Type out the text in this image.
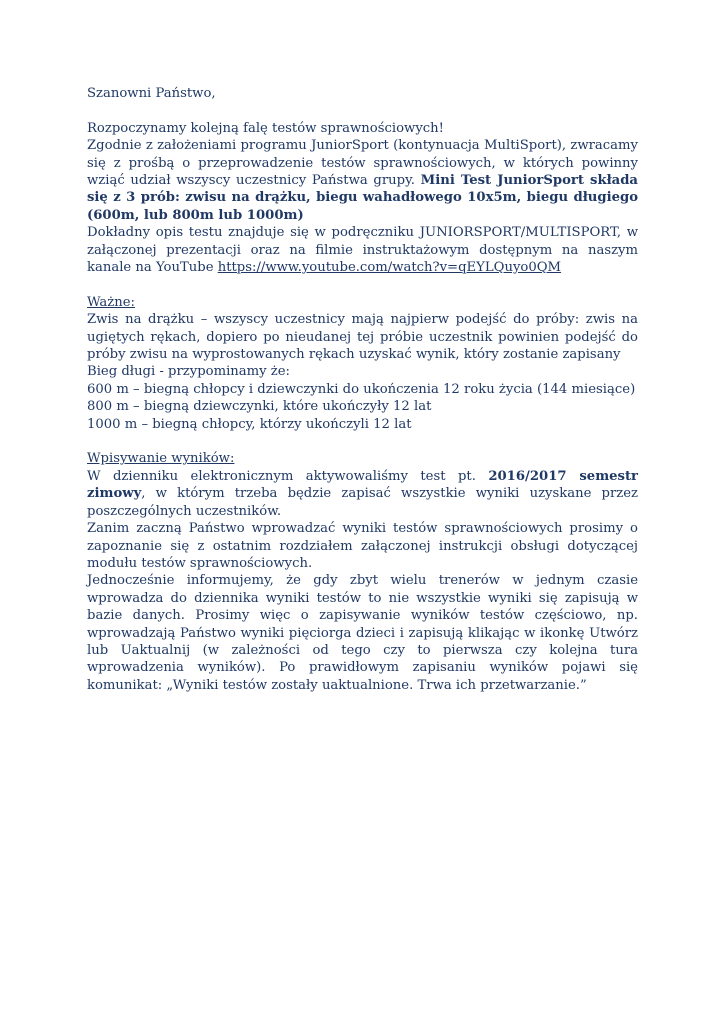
Szanowni Państwo,

Rozpoczynamy kolejną falę testów sprawnościowych!

Zgodnie z założeniami programu JuniorSport (kontynuacja MultiSport), zwracamy się z prośbą o przeprowadzenie testów sprawnościowych, w których powinny wziąć udział wszyscy uczestnicy Państwa grupy. Mini Test JuniorSport składa się z 3 prób: zwisu na drążku, biegu wahadłowego 10x5m, biegu długiego (600m, lub 800m lub 1000m)

Dokładny opis testu znajduje się w podręczniku JUNIORSPORT/MULTISPORT, w załączonej prezentacji oraz na filmie instruktażowym dostępnym na naszym kanale na YouTube https://www.youtube.com/watch?v=qEYLQuyo0QM

Ważne:

Zwis na drążku – wszyscy uczestnicy mają najpierw podejść do próby: zwis na ugiętych rękach, dopiero po nieudanej tej próbie uczestnik powinien podejść do próby zwisu na wyprostowanych rękach uzyskać wynik, który zostanie zapisany

Bieg długi - przypominamy że:

600 m – biegną chłopcy i dziewczynki do ukończenia 12 roku życia (144 miesiące)

800 m – biegną dziewczynki, które ukończyły 12 lat

1000 m – biegną chłopcy, którzy ukończyli 12 lat

Wpisywanie wyników:

W dzienniku elektronicznym aktywowaliśmy test pt. 2016/2017 semestr zimowy, w którym trzeba będzie zapisać wszystkie wyniki uzyskane przez poszczególnych uczestników.

Zanim zaczną Państwo wprowadzać wyniki testów sprawnościowych prosimy o zapoznanie się z ostatnim rozdziałem załączonej instrukcji obsługi dotyczącej modułu testów sprawnościowych.

Jednocześnie informujemy, że gdy zbyt wielu trenerów w jednym czasie wprowadza do dziennika wyniki testów to nie wszystkie wyniki się zapisują w bazie danych. Prosimy więc o zapisywanie wyników testów częściowo, np. wprowadzają Państwo wyniki pięciorga dzieci i zapisują klikając w ikonkę Utwórz lub Uaktualnij (w zależności od tego czy to pierwsza czy kolejna tura wprowadzenia wyników). Po prawidłowym zapisaniu wyników pojawi się komunikat: „Wyniki testów zostały uaktualnione. Trwa ich przetwarzanie.”
